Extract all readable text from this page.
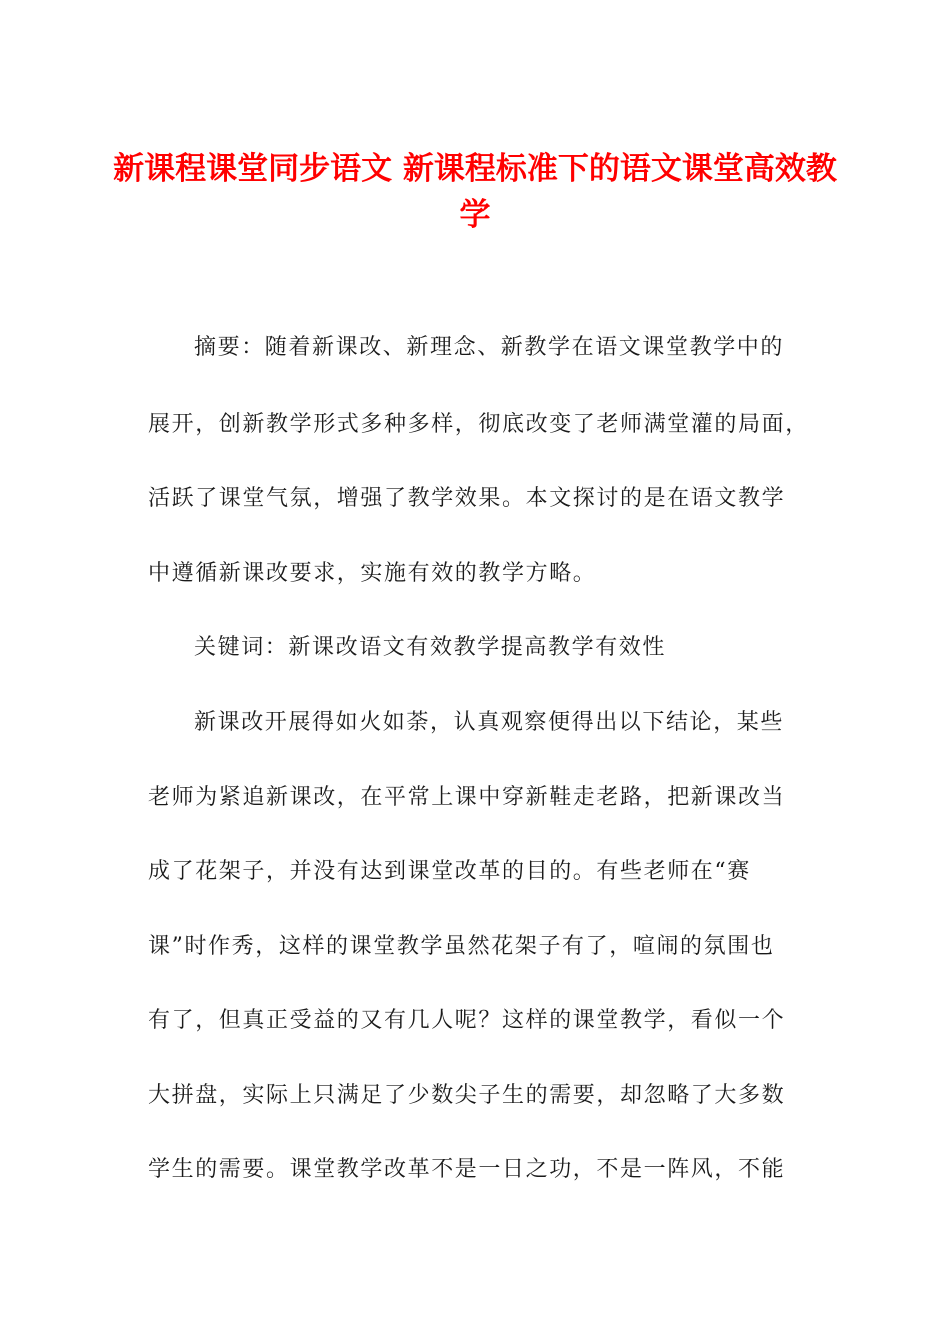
新课程课堂同步语文 新课程标准下的语文课堂高效教学
摘要：随着新课改、新理念、新教学在语文课堂教学中的
展开，创新教学形式多种多样，彻底改变了老师满堂灌的局面，
活跃了课堂气氛，增强了教学效果。本文探讨的是在语文教学
中遵循新课改要求，实施有效的教学方略。
关键词：新课改语文有效教学提高教学有效性
新课改开展得如火如荼，认真观察便得出以下结论，某些
老师为紧追新课改，在平常上课中穿新鞋走老路，把新课改当
成了花架子，并没有达到课堂改革的目的。有些老师在“赛
课”时作秀，这样的课堂教学虽然花架子有了，喧闹的氛围也
有了，但真正受益的又有几人呢？这样的课堂教学，看似一个
大拼盘，实际上只满足了少数尖子生的需要，却忽略了大多数
学生的需要。课堂教学改革不是一日之功，不是一阵风，不能
